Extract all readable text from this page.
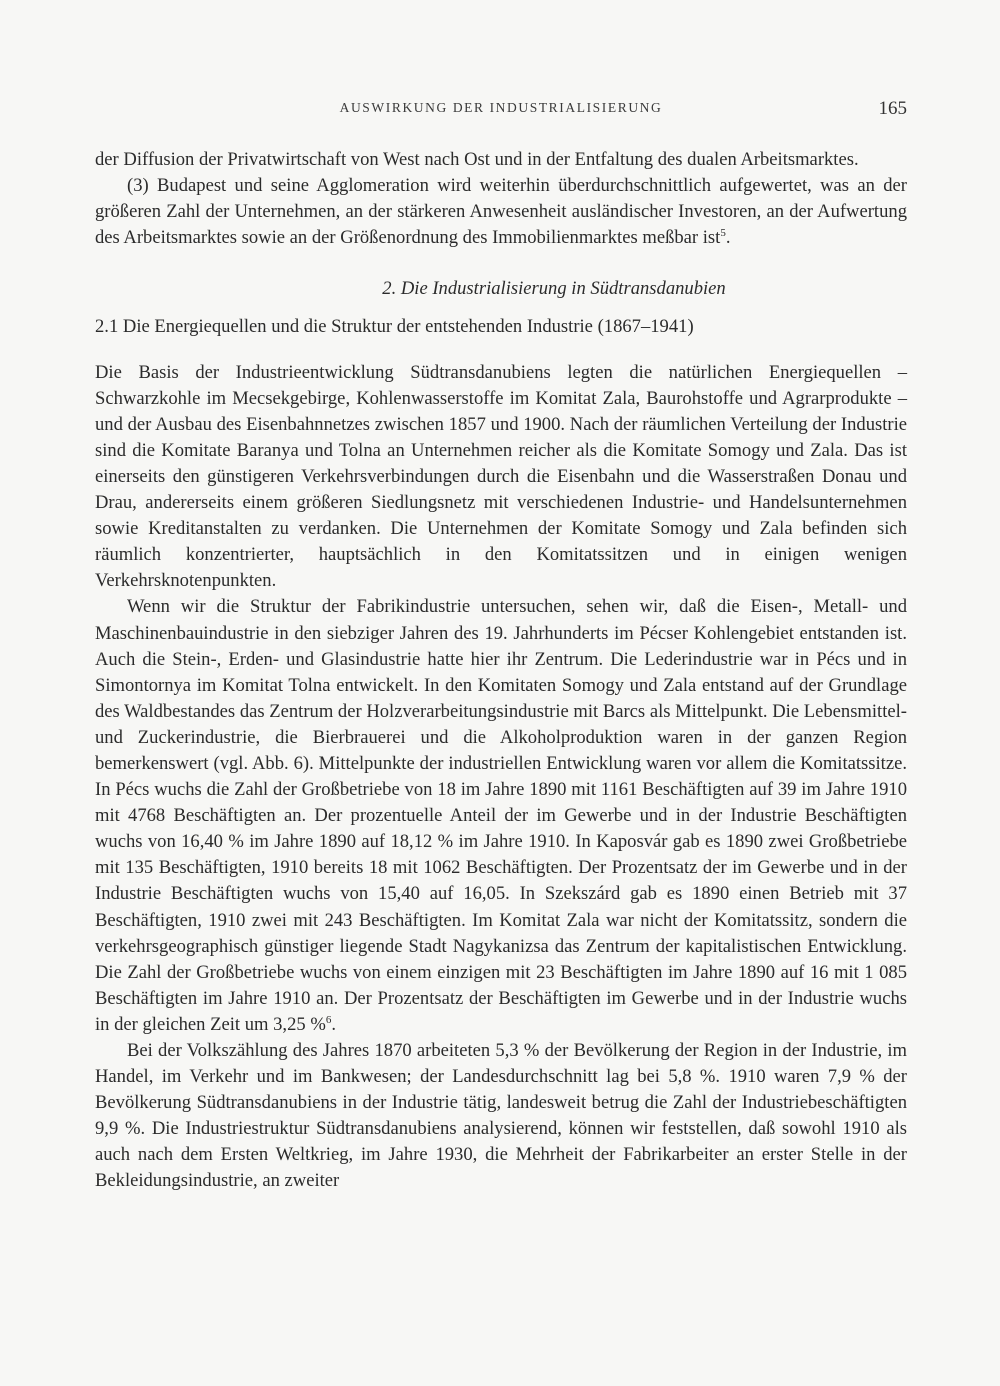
AUSWIRKUNG DER INDUSTRIALISIERUNG	165

der Diffusion der Privatwirtschaft von West nach Ost und in der Entfaltung des dualen Arbeitsmarktes.

(3) Budapest und seine Agglomeration wird weiterhin überdurchschnittlich aufgewertet, was an der größeren Zahl der Unternehmen, an der stärkeren Anwesenheit ausländischer Investoren, an der Aufwertung des Arbeitsmarktes sowie an der Größenordnung des Immobilienmarktes meßbar ist$^5$.

2. Die Industrialisierung in Südtransdanubien

2.1 Die Energiequellen und die Struktur der entstehenden Industrie (1867–1941)

Die Basis der Industrieentwicklung Südtransdanubiens legten die natürlichen Energiequellen – Schwarzkohle im Mecsekgebirge, Kohlenwasserstoffe im Komitat Zala, Baurohstoffe und Agrarprodukte – und der Ausbau des Eisenbahnnetzes zwischen 1857 und 1900. Nach der räumlichen Verteilung der Industrie sind die Komitate Baranya und Tolna an Unternehmen reicher als die Komitate Somogy und Zala. Das ist einerseits den günstigeren Verkehrsverbindungen durch die Eisenbahn und die Wasserstraßen Donau und Drau, andererseits einem größeren Siedlungsnetz mit verschiedenen Industrie- und Handelsunternehmen sowie Kreditanstalten zu verdanken. Die Unternehmen der Komitate Somogy und Zala befinden sich räumlich konzentrierter, hauptsächlich in den Komitatssitzen und in einigen wenigen Verkehrsknotenpunkten.

Wenn wir die Struktur der Fabrikindustrie untersuchen, sehen wir, daß die Eisen-, Metall- und Maschinenbauindustrie in den siebziger Jahren des 19. Jahrhunderts im Pécser Kohlengebiet entstanden ist. Auch die Stein-, Erden- und Glasindustrie hatte hier ihr Zentrum. Die Lederindustrie war in Pécs und in Simontornya im Komitat Tolna entwickelt. In den Komitaten Somogy und Zala entstand auf der Grundlage des Waldbestandes das Zentrum der Holzverarbeitungsindustrie mit Barcs als Mittelpunkt. Die Lebensmittel- und Zuckerindustrie, die Bierbrauerei und die Alkoholproduktion waren in der ganzen Region bemerkenswert (vgl. Abb. 6). Mittelpunkte der industriellen Entwicklung waren vor allem die Komitatssitze. In Pécs wuchs die Zahl der Großbetriebe von 18 im Jahre 1890 mit 1161 Beschäftigten auf 39 im Jahre 1910 mit 4768 Beschäftigten an. Der prozentuelle Anteil der im Gewerbe und in der Industrie Beschäftigten wuchs von 16,40 % im Jahre 1890 auf 18,12 % im Jahre 1910. In Kaposvár gab es 1890 zwei Großbetriebe mit 135 Beschäftigten, 1910 bereits 18 mit 1062 Beschäftigten. Der Prozentsatz der im Gewerbe und in der Industrie Beschäftigten wuchs von 15,40 auf 16,05. In Szekszárd gab es 1890 einen Betrieb mit 37 Beschäftigten, 1910 zwei mit 243 Beschäftigten. Im Komitat Zala war nicht der Komitatssitz, sondern die verkehrsgeographisch günstiger liegende Stadt Nagykanizsa das Zentrum der kapitalistischen Entwicklung. Die Zahl der Großbetriebe wuchs von einem einzigen mit 23 Beschäftigten im Jahre 1890 auf 16 mit 1 085 Beschäftigten im Jahre 1910 an. Der Prozentsatz der Beschäftigten im Gewerbe und in der Industrie wuchs in der gleichen Zeit um 3,25 %$^6$.

Bei der Volkszählung des Jahres 1870 arbeiteten 5,3 % der Bevölkerung der Region in der Industrie, im Handel, im Verkehr und im Bankwesen; der Landesdurchschnitt lag bei 5,8 %. 1910 waren 7,9 % der Bevölkerung Südtransdanubiens in der Industrie tätig, landesweit betrug die Zahl der Industriebeschäftigten 9,9 %. Die Industriestruktur Südtransdanubiens analysierend, können wir feststellen, daß sowohl 1910 als auch nach dem Ersten Weltkrieg, im Jahre 1930, die Mehrheit der Fabrikarbeiter an erster Stelle in der Bekleidungsindustrie, an zweiter
